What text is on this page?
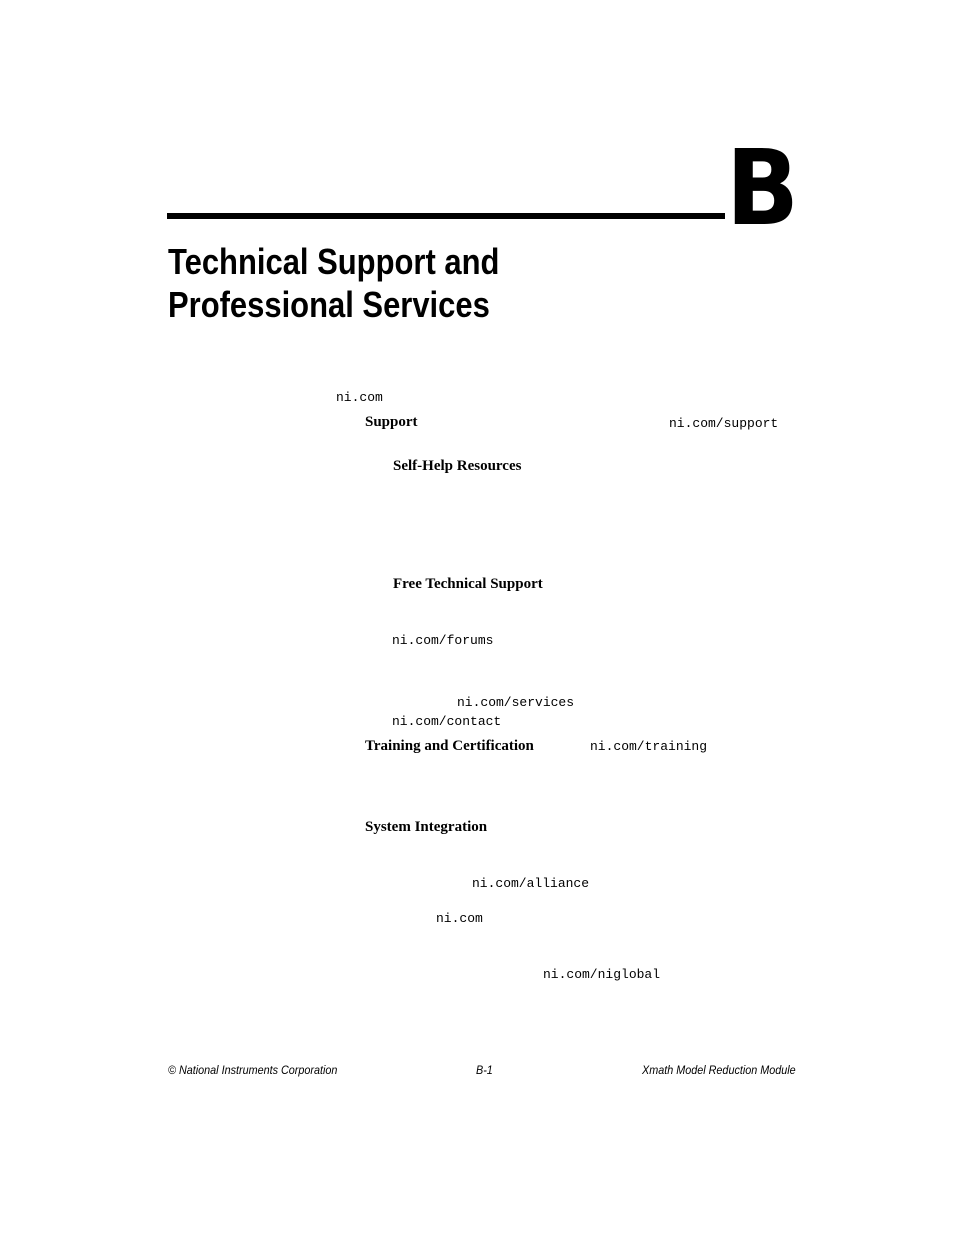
B
Technical Support and
Professional Services
ni.com
Support	ni.com/support
Self-Help Resources
Free Technical Support
ni.com/forums
ni.com/services
ni.com/contact
Training and Certification	ni.com/training
System Integration
ni.com/alliance
ni.com
ni.com/niglobal
© National Instruments Corporation	B-1	Xmath Model Reduction Module
